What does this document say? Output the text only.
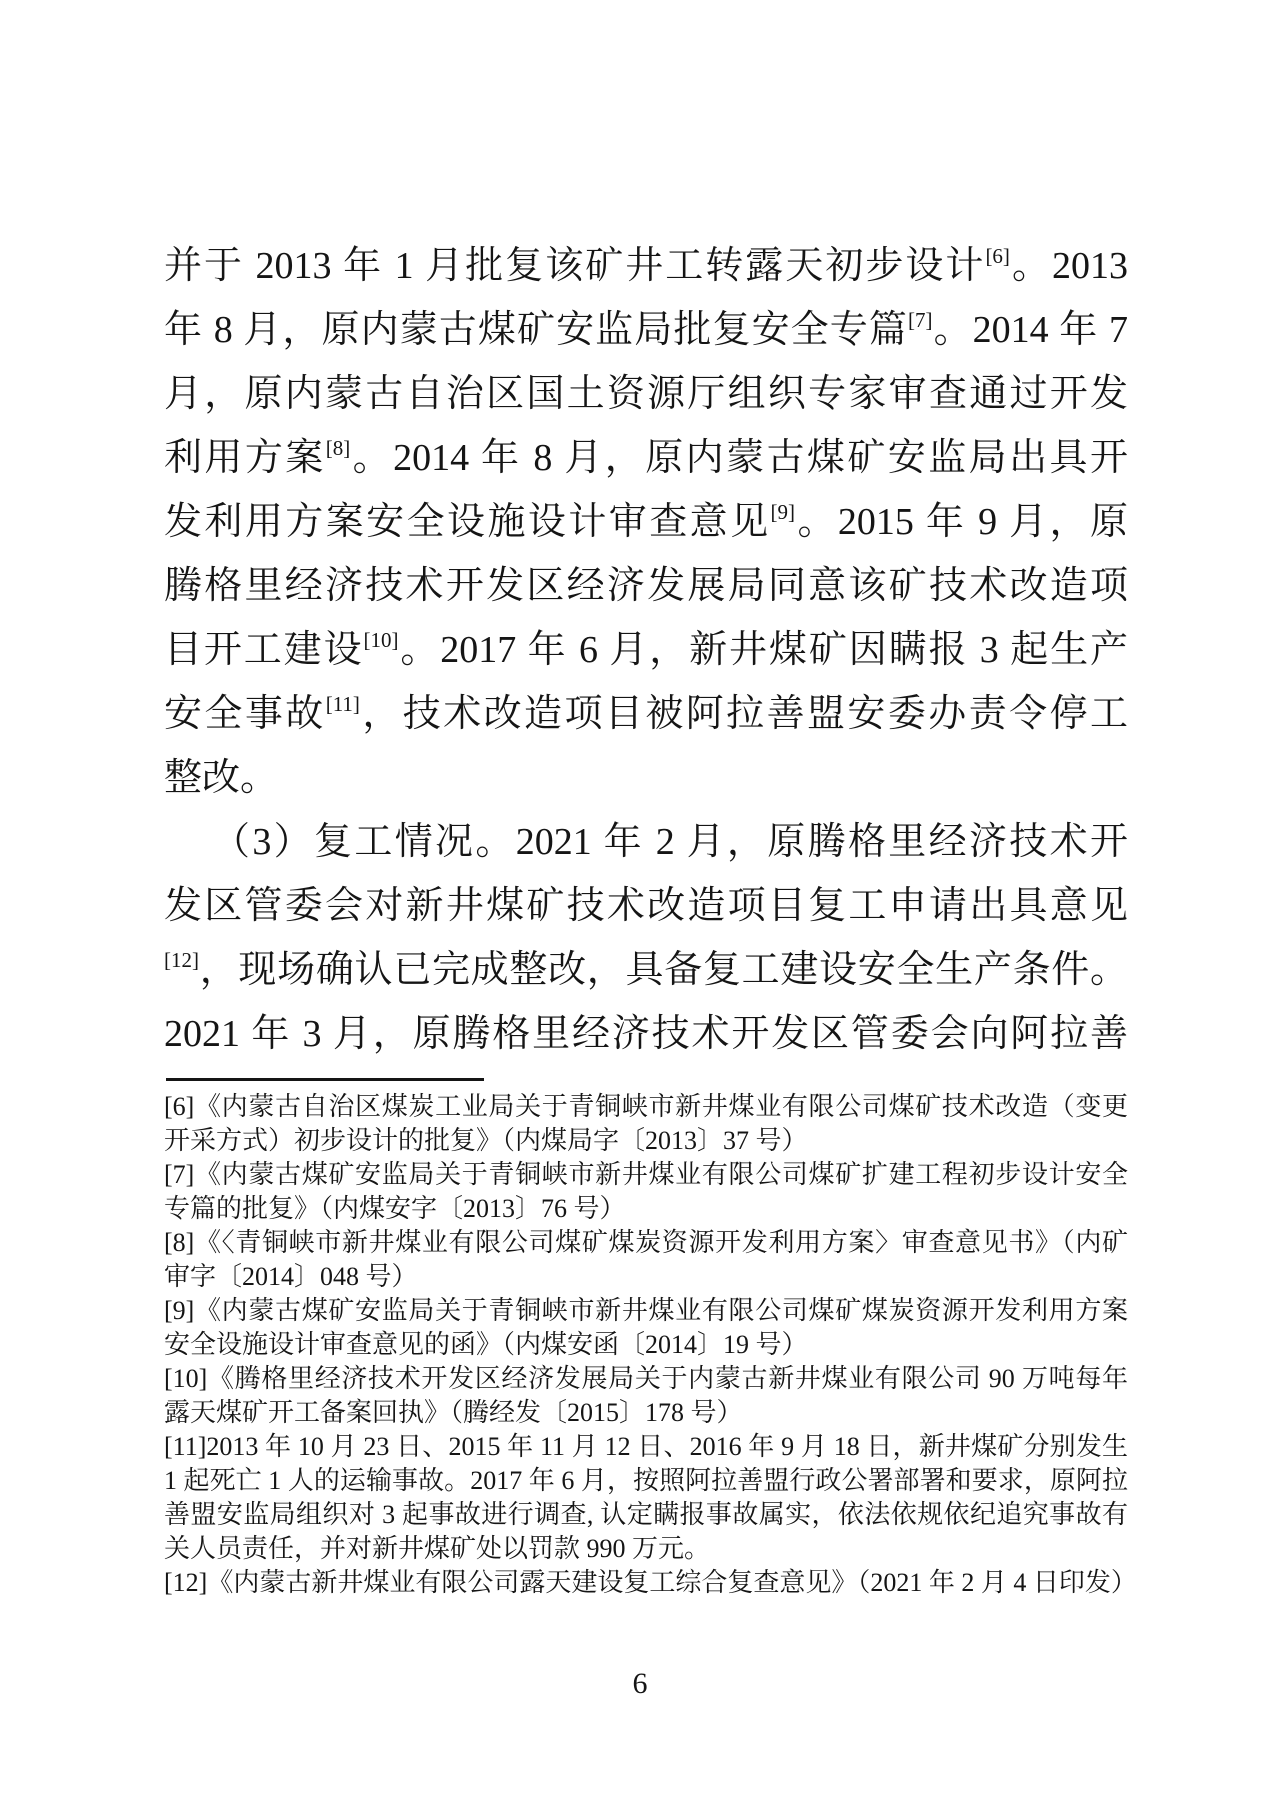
并于 2013 年 1 月批复该矿井工转露天初步设计[6]。2013
年 8 月，原内蒙古煤矿安监局批复安全专篇[7]。2014 年 7
月，原内蒙古自治区国土资源厅组织专家审查通过开发
利用方案[8]。2014 年 8 月，原内蒙古煤矿安监局出具开
发利用方案安全设施设计审查意见[9]。2015 年 9 月，原
腾格里经济技术开发区经济发展局同意该矿技术改造项
目开工建设[10]。2017 年 6 月，新井煤矿因瞒报 3 起生产
安全事故[11]，技术改造项目被阿拉善盟安委办责令停工
整改。
（3）复工情况。2021 年 2 月，原腾格里经济技术开
发区管委会对新井煤矿技术改造项目复工申请出具意见
[12]，现场确认已完成整改，具备复工建设安全生产条件。
2021 年 3 月，原腾格里经济技术开发区管委会向阿拉善
[6]《内蒙古自治区煤炭工业局关于青铜峡市新井煤业有限公司煤矿技术改造（变更
开采方式）初步设计的批复》（内煤局字〔2013〕37 号）
[7]《内蒙古煤矿安监局关于青铜峡市新井煤业有限公司煤矿扩建工程初步设计安全
专篇的批复》（内煤安字〔2013〕76 号）
[8]《〈青铜峡市新井煤业有限公司煤矿煤炭资源开发利用方案〉审查意见书》（内矿
审字〔2014〕048 号）
[9]《内蒙古煤矿安监局关于青铜峡市新井煤业有限公司煤矿煤炭资源开发利用方案
安全设施设计审查意见的函》（内煤安函〔2014〕19 号）
[10]《腾格里经济技术开发区经济发展局关于内蒙古新井煤业有限公司 90 万吨每年
露天煤矿开工备案回执》（腾经发〔2015〕178 号）
[11]2013 年 10 月 23 日、2015 年 11 月 12 日、2016 年 9 月 18 日，新井煤矿分别发生
1 起死亡 1 人的运输事故。2017 年 6 月，按照阿拉善盟行政公署部署和要求，原阿拉
善盟安监局组织对 3 起事故进行调查, 认定瞒报事故属实，依法依规依纪追究事故有
关人员责任，并对新井煤矿处以罚款 990 万元。
[12]《内蒙古新井煤业有限公司露天建设复工综合复查意见》（2021 年 2 月 4 日印发）
6
